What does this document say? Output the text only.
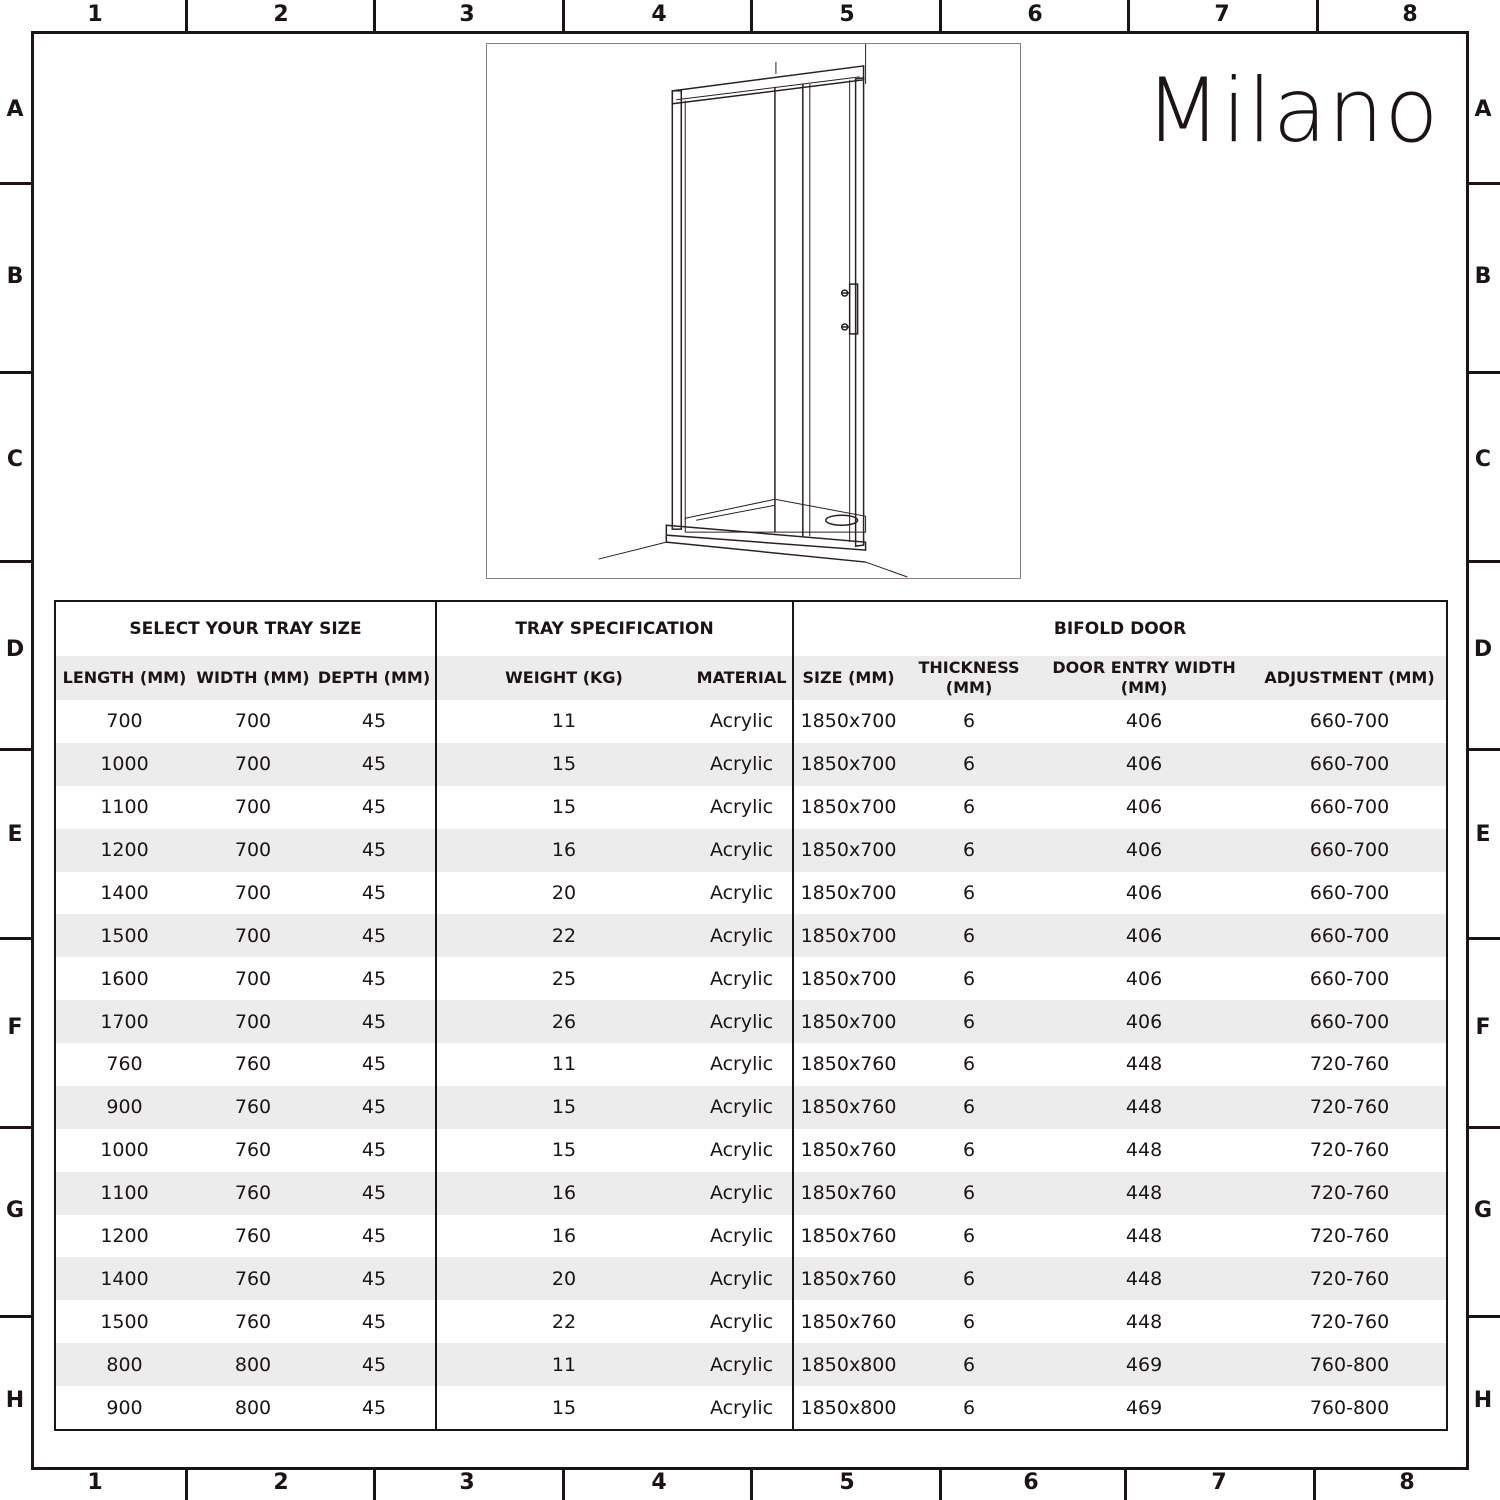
1	2	3	4	5	6	7	8
1	2	3	4	5	6	7	8
A
B
C
D
E
F
G
H
A
B
C
D
E
F
G
H
Milano
SELECT YOUR TRAY SIZE			TRAY SPECIFICATION		BIFOLD DOOR			
LENGTH (MM)	WIDTH (MM)	DEPTH (MM)	WEIGHT (KG)	MATERIAL	SIZE (MM)	THICKNESS (MM)	DOOR ENTRY WIDTH (MM)	ADJUSTMENT (MM)
700	700	45	11	Acrylic	1850x700	6	406	660-700
1000	700	45	15	Acrylic	1850x700	6	406	660-700
1100	700	45	15	Acrylic	1850x700	6	406	660-700
1200	700	45	16	Acrylic	1850x700	6	406	660-700
1400	700	45	20	Acrylic	1850x700	6	406	660-700
1500	700	45	22	Acrylic	1850x700	6	406	660-700
1600	700	45	25	Acrylic	1850x700	6	406	660-700
1700	700	45	26	Acrylic	1850x700	6	406	660-700
760	760	45	11	Acrylic	1850x760	6	448	720-760
900	760	45	15	Acrylic	1850x760	6	448	720-760
1000	760	45	15	Acrylic	1850x760	6	448	720-760
1100	760	45	16	Acrylic	1850x760	6	448	720-760
1200	760	45	16	Acrylic	1850x760	6	448	720-760
1400	760	45	20	Acrylic	1850x760	6	448	720-760
1500	760	45	22	Acrylic	1850x760	6	448	720-760
800	800	45	11	Acrylic	1850x800	6	469	760-800
900	800	45	15	Acrylic	1850x800	6	469	760-800
